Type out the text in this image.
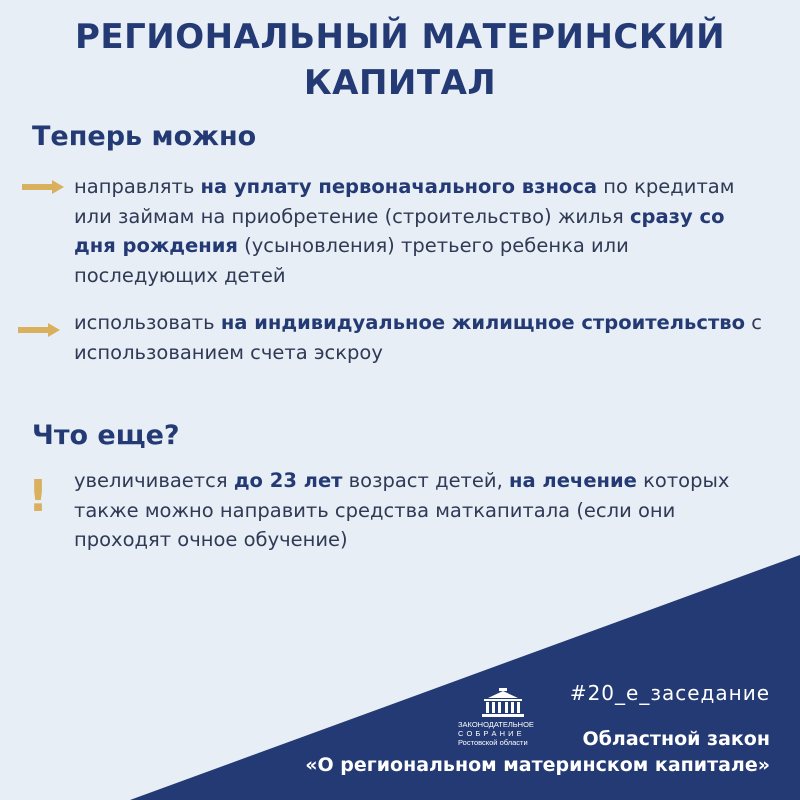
РЕГИОНАЛЬНЫЙ МАТЕРИНСКИЙ
КАПИТАЛ
Теперь можно

направлять на уплату первоначального взноса по кредитам или займам на приобретение (строительство) жилья сразу со дня рождения (усыновления) третьего ребенка или последующих детей

использовать на индивидуальное жилищное строительство с использованием счета эскроу

Что еще?
! увеличивается до 23 лет возраст детей, на лечение которых также можно направить средства маткапитала (если они проходят очное обучение)

#20_е_заседание

ЗАКОНОДАТЕЛЬНОЕ
С О Б Р А Н И Е
Ростовской области	Областной закон

«О региональном материнском капитале»
